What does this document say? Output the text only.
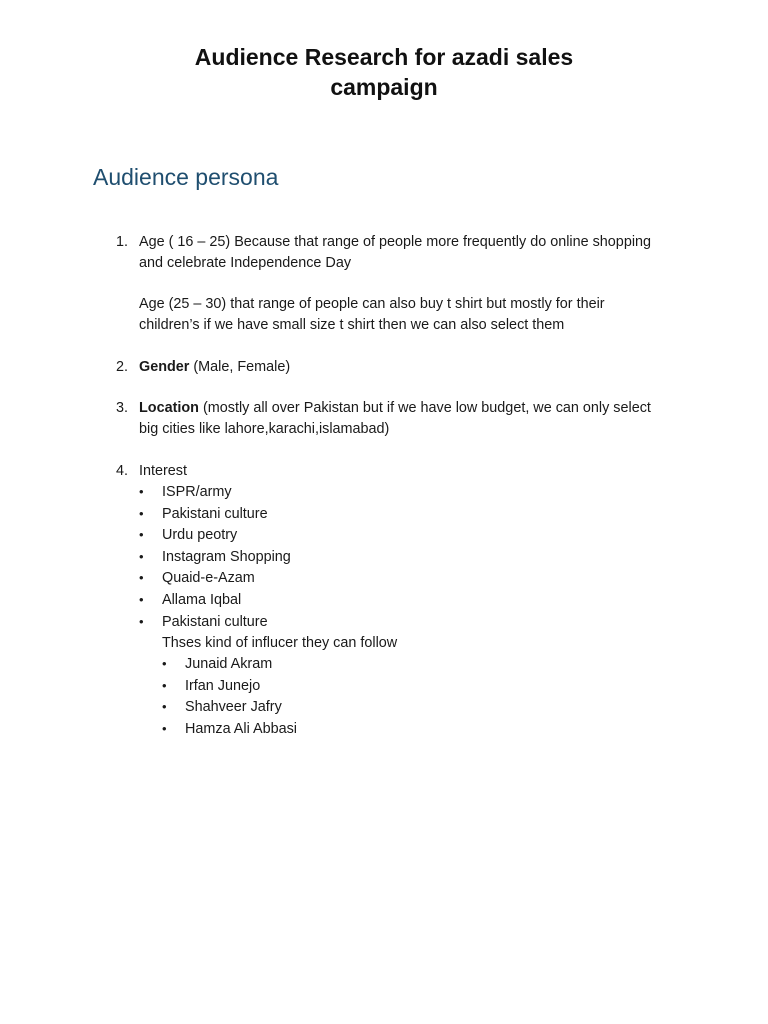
Audience Research for azadi sales
campaign
Audience persona
1. Age ( 16 – 25) Because that range of people more frequently do online shopping
and celebrate Independence Day
Age (25 – 30) that range of people can also buy t shirt but mostly for their
children’s if we have small size t shirt then we can also select them
2. Gender (Male, Female)
3. Location (mostly all over Pakistan but if we have low budget, we can only select
big cities like lahore,karachi,islamabad)
4. Interest
• ISPR/army
• Pakistani culture
• Urdu peotry
• Instagram Shopping
• Quaid-e-Azam
• Allama Iqbal
• Pakistani culture
Thses kind of influcer they can follow
• Junaid Akram
• Irfan Junejo
• Shahveer Jafry
• Hamza Ali Abbasi
